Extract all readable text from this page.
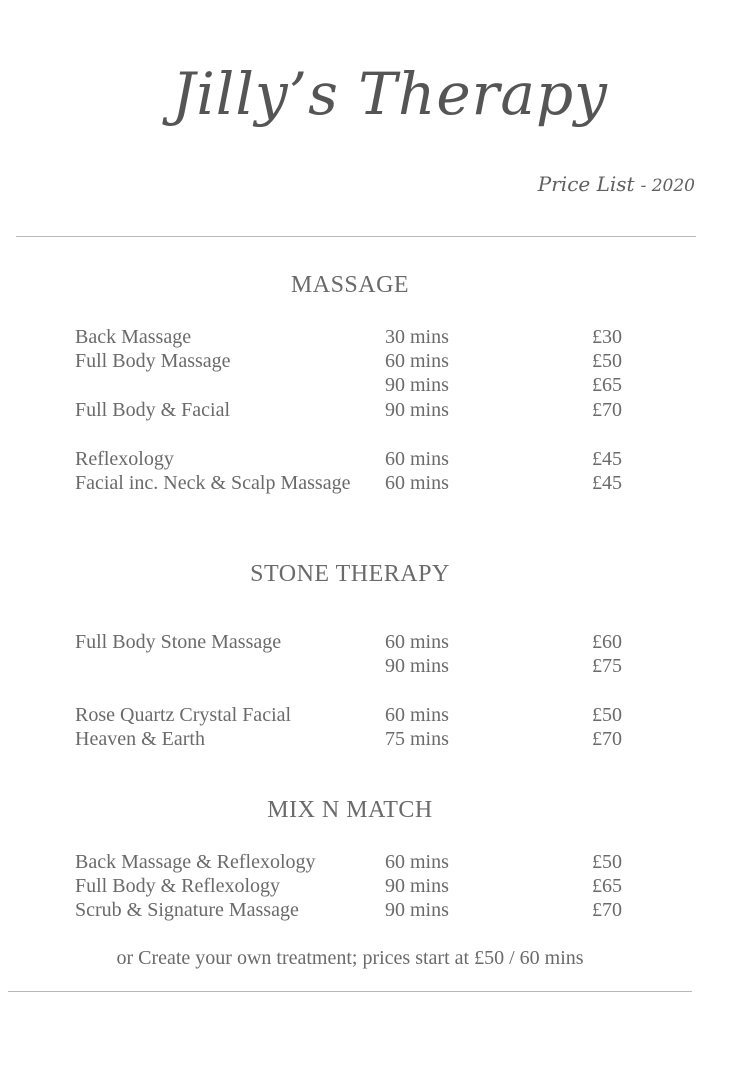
Jilly’s Therapy
Price List - 2020
MASSAGE
Back Massage	30 mins	£30
Full Body Massage	60 mins	£50
90 mins	£65
Full Body & Facial	90 mins	£70
Reflexology	60 mins	£45
Facial inc. Neck & Scalp Massage 60 mins	£45
STONE THERAPY
Full Body Stone Massage	60 mins	£60
90 mins	£75
Rose Quartz Crystal Facial	60 mins	£50
Heaven & Earth	75 mins	£70
MIX N MATCH
Back Massage & Reflexology	60 mins	£50
Full Body & Reflexology	90 mins	£65
Scrub & Signature Massage	90 mins	£70
or Create your own treatment; prices start at £50 / 60 mins
